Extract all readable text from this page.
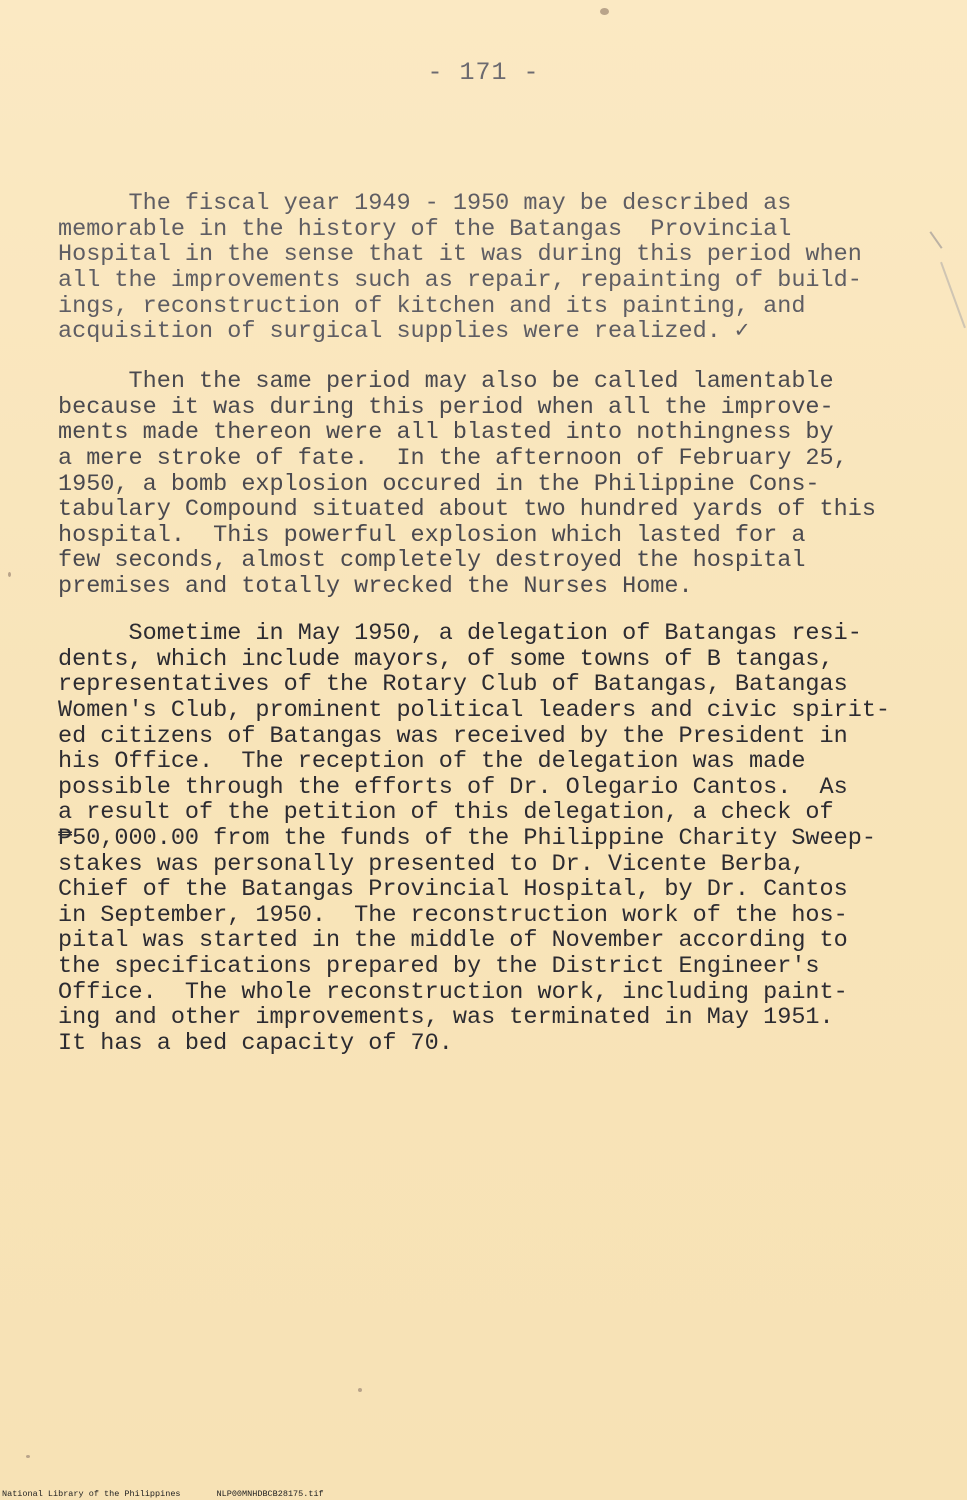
- 171 -

The fiscal year 1949 - 1950 may be described as
memorable in the history of the Batangas  Provincial
Hospital in the sense that it was during this period when
all the improvements such as repair, repainting of build-
ings, reconstruction of kitchen and its painting, and
acquisition of surgical supplies were realized. ✓

Then the same period may also be called lamentable
because it was during this period when all the improve-
ments made thereon were all blasted into nothingness by
a mere stroke of fate.  In the afternoon of February 25,
1950, a bomb explosion occured in the Philippine Cons-
tabulary Compound situated about two hundred yards of this
hospital.  This powerful explosion which lasted for a
few seconds, almost completely destroyed the hospital
premises and totally wrecked the Nurses Home.

Sometime in May 1950, a delegation of Batangas resi-
dents, which include mayors, of some towns of B tangas,
representatives of the Rotary Club of Batangas, Batangas
Women's Club, prominent political leaders and civic spirit-
ed citizens of Batangas was received by the President in
his Office.  The reception of the delegation was made
possible through the efforts of Dr. Olegario Cantos.  As
a result of the petition of this delegation, a check of
₱50,000.00 from the funds of the Philippine Charity Sweep-
stakes was personally presented to Dr. Vicente Berba,
Chief of the Batangas Provincial Hospital, by Dr. Cantos
in September, 1950.  The reconstruction work of the hos-
pital was started in the middle of November according to
the specifications prepared by the District Engineer's
Office.  The whole reconstruction work, including paint-
ing and other improvements, was terminated in May 1951.
It has a bed capacity of 70.

National Library of the Philippines	NLP00MNHDBCB28175.tif
